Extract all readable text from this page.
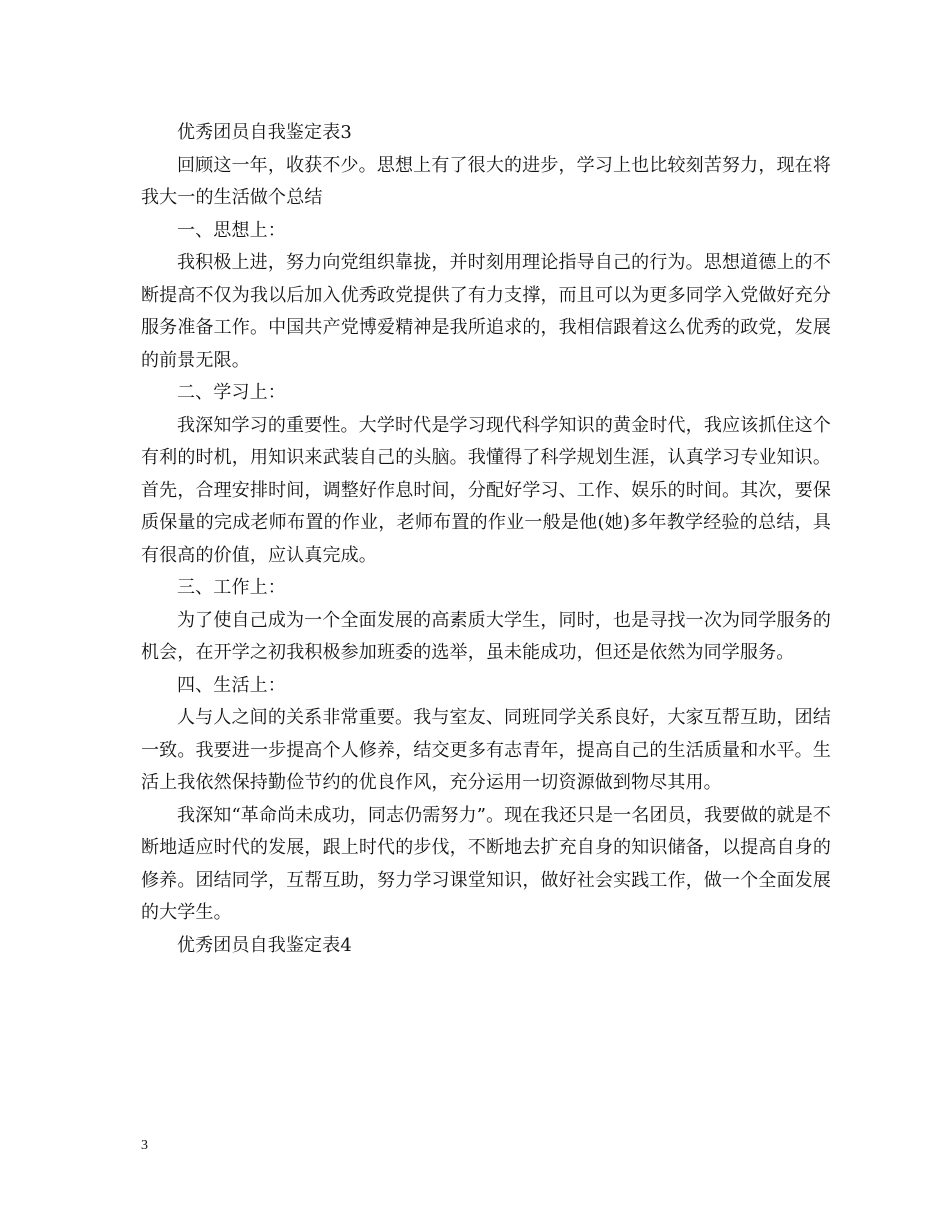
优秀团员自我鉴定表3

回顾这一年，收获不少。思想上有了很大的进步，学习上也比较刻苦努力，现在将我大一的生活做个总结

一、思想上：

我积极上进，努力向党组织靠拢，并时刻用理论指导自己的行为。思想道德上的不断提高不仅为我以后加入优秀政党提供了有力支撑，而且可以为更多同学入党做好充分服务准备工作。中国共产党博爱精神是我所追求的，我相信跟着这么优秀的政党，发展的前景无限。

二、学习上：

我深知学习的重要性。大学时代是学习现代科学知识的黄金时代，我应该抓住这个有利的时机，用知识来武装自己的头脑。我懂得了科学规划生涯，认真学习专业知识。首先，合理安排时间，调整好作息时间，分配好学习、工作、娱乐的时间。其次，要保质保量的完成老师布置的作业，老师布置的作业一般是他(她)多年教学经验的总结，具有很高的价值，应认真完成。

三、工作上：

为了使自己成为一个全面发展的高素质大学生，同时，也是寻找一次为同学服务的机会，在开学之初我积极参加班委的选举，虽未能成功，但还是依然为同学服务。

四、生活上：

人与人之间的关系非常重要。我与室友、同班同学关系良好，大家互帮互助，团结一致。我要进一步提高个人修养，结交更多有志青年，提高自己的生活质量和水平。生活上我依然保持勤俭节约的优良作风，充分运用一切资源做到物尽其用。

我深知“革命尚未成功，同志仍需努力”。现在我还只是一名团员，我要做的就是不断地适应时代的发展，跟上时代的步伐，不断地去扩充自身的知识储备，以提高自身的修养。团结同学，互帮互助，努力学习课堂知识，做好社会实践工作，做一个全面发展的大学生。

优秀团员自我鉴定表4

3
